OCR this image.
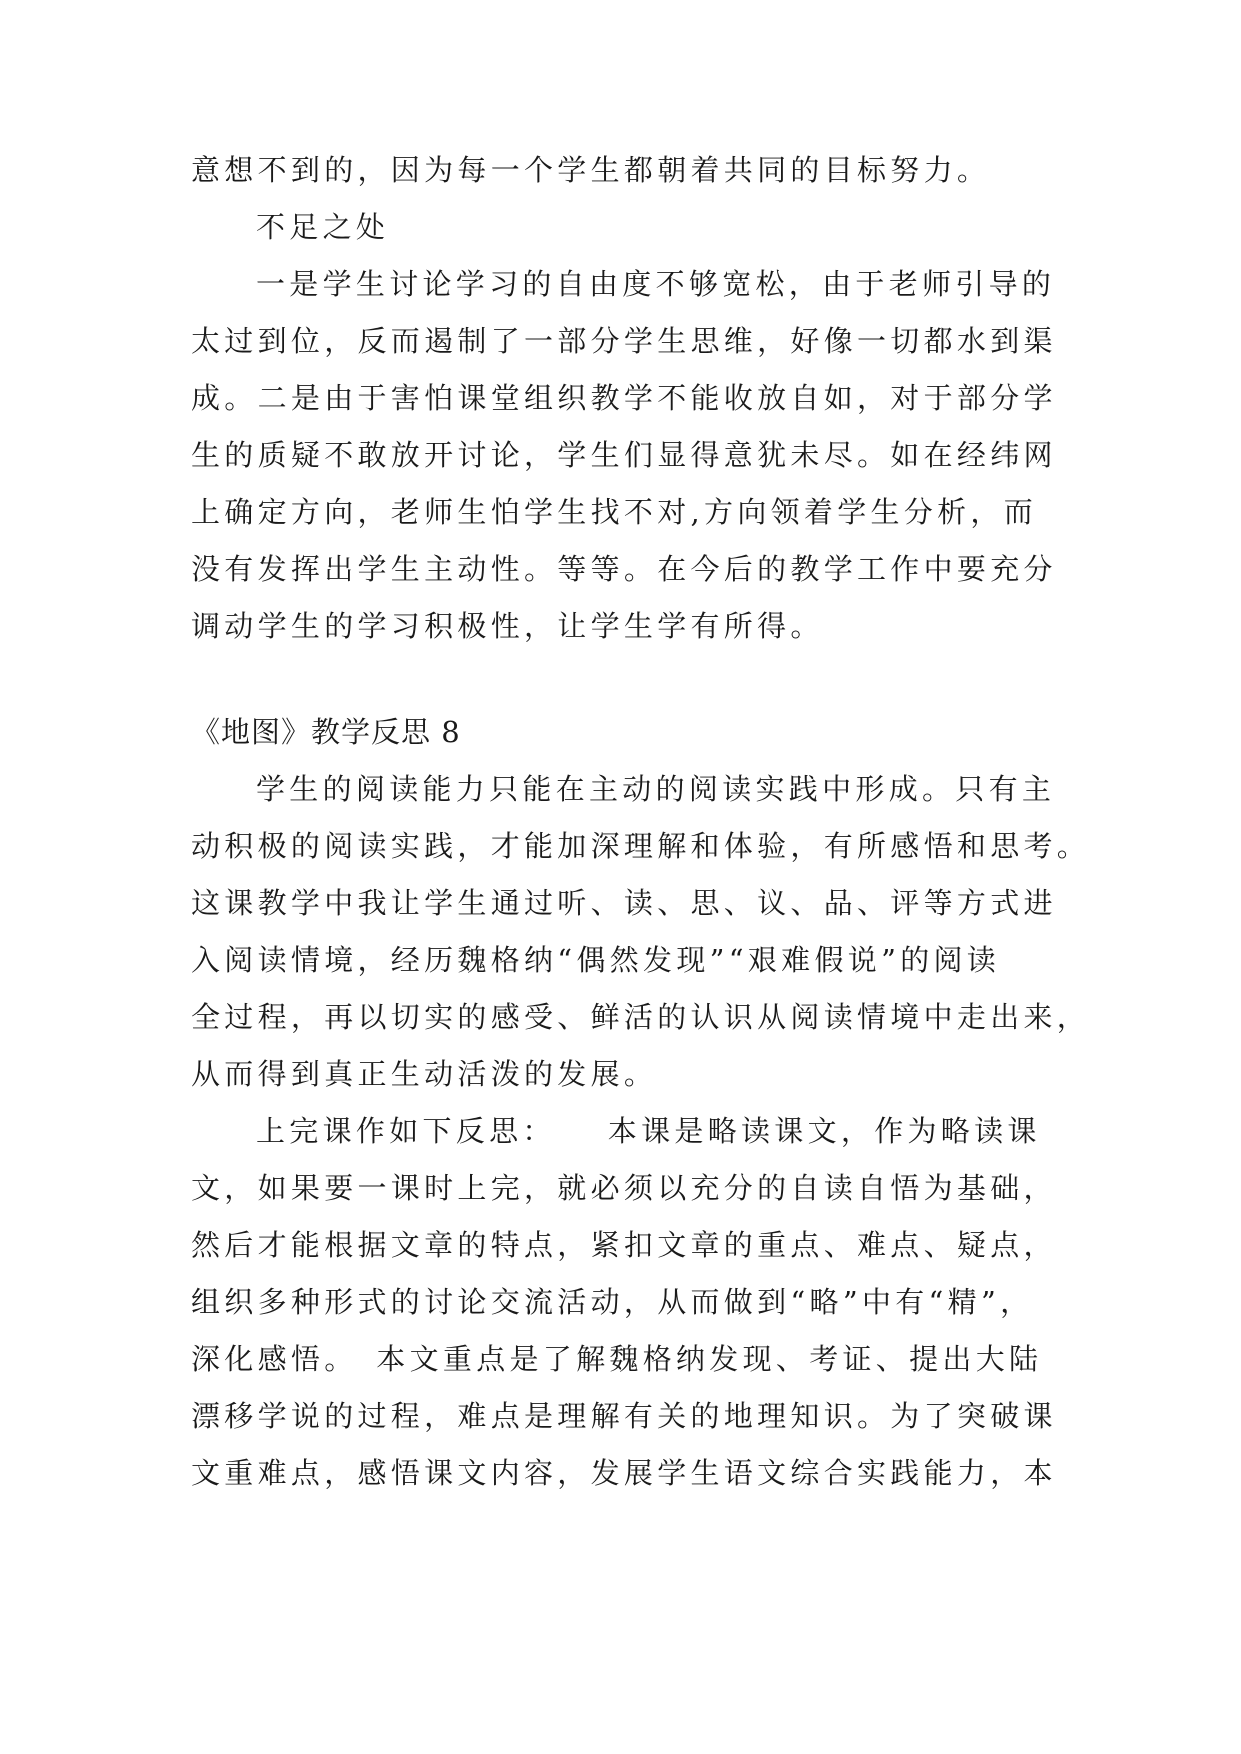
意想不到的，因为每一个学生都朝着共同的目标努力。
不足之处
一是学生讨论学习的自由度不够宽松，由于老师引导的
太过到位，反而遏制了一部分学生思维，好像一切都水到渠
成。二是由于害怕课堂组织教学不能收放自如，对于部分学
生的质疑不敢放开讨论，学生们显得意犹未尽。如在经纬网
上确定方向，老师生怕学生找不对,方向领着学生分析，而
没有发挥出学生主动性。等等。在今后的教学工作中要充分
调动学生的学习积极性，让学生学有所得。
《地图》教学反思 8
学生的阅读能力只能在主动的阅读实践中形成。只有主
动积极的阅读实践，才能加深理解和体验，有所感悟和思考。
这课教学中我让学生通过听、读、思、议、品、评等方式进
入阅读情境，经历魏格纳“偶然发现”“艰难假说”的阅读
全过程，再以切实的感受、鲜活的认识从阅读情境中走出来，
从而得到真正生动活泼的发展。
上完课作如下反思：　　本课是略读课文，作为略读课
文，如果要一课时上完，就必须以充分的自读自悟为基础，
然后才能根据文章的特点，紧扣文章的重点、难点、疑点，
组织多种形式的讨论交流活动，从而做到“略”中有“精”，
深化感悟。　本文重点是了解魏格纳发现、考证、提出大陆
漂移学说的过程，难点是理解有关的地理知识。为了突破课
文重难点，感悟课文内容，发展学生语文综合实践能力，本
